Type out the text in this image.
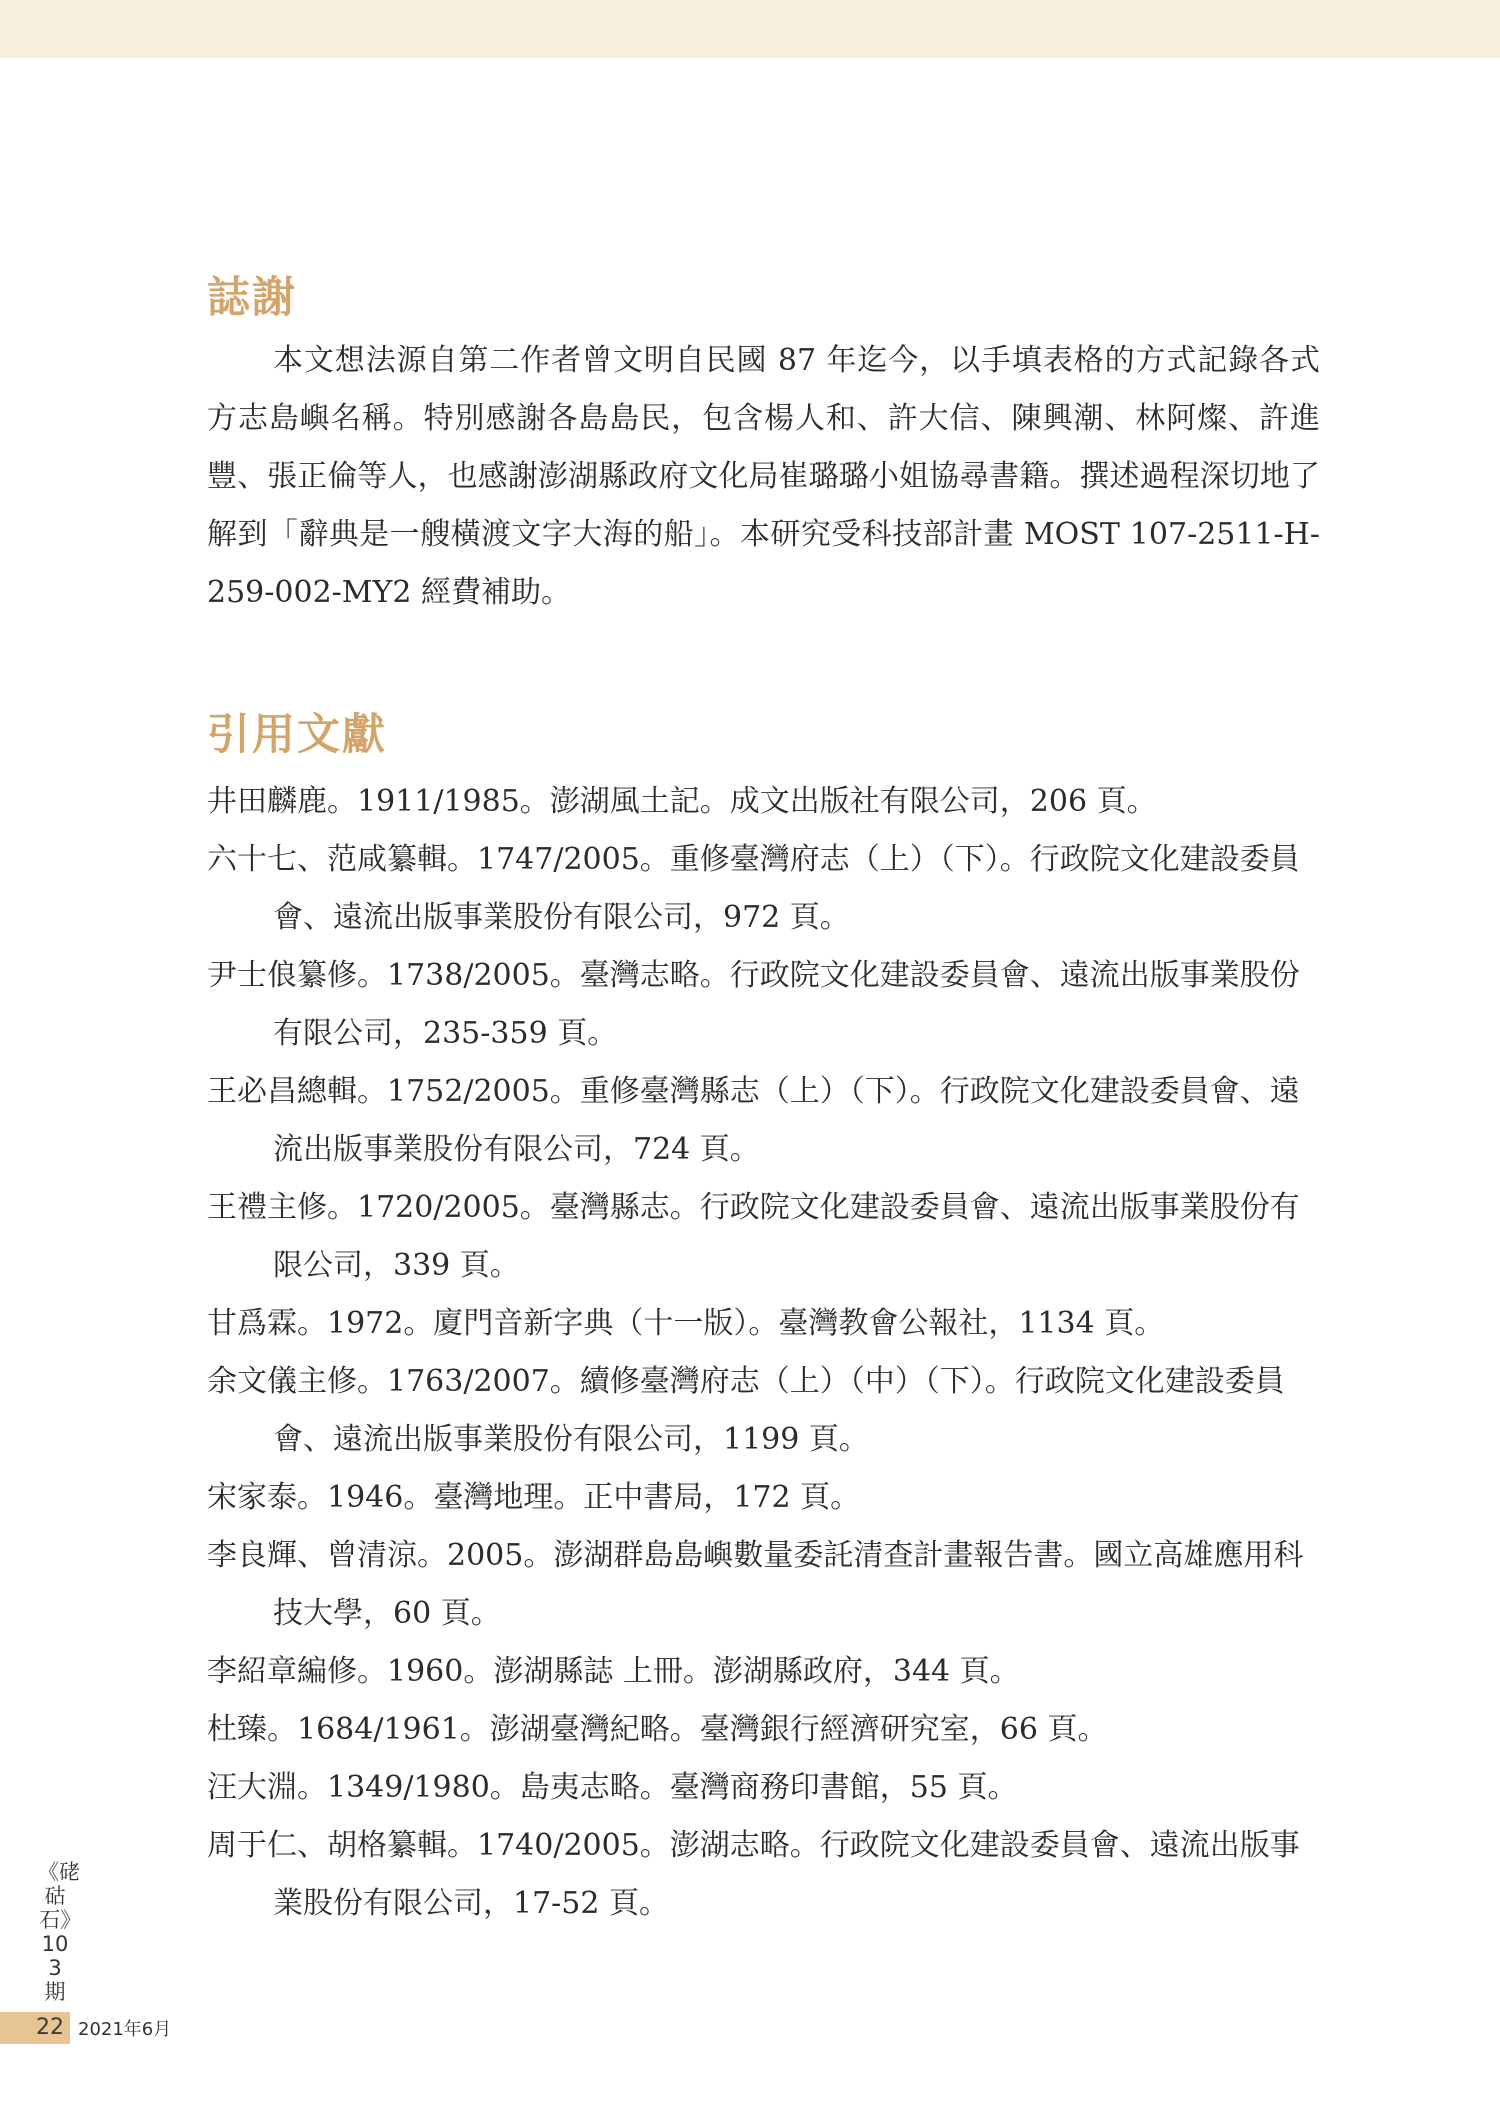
誌謝

本文想法源自第二作者曾文明自民國 87 年迄今，以手填表格的方式記錄各式方志島嶼名稱。特別感謝各島島民，包含楊人和、許大信、陳興潮、林阿燦、許進豐、張正倫等人，也感謝澎湖縣政府文化局崔璐璐小姐協尋書籍。撰述過程深切地了解到「辭典是一艘橫渡文字大海的船」。本研究受科技部計畫 MOST 107-2511-H-259-002-MY2 經費補助。

引用文獻
井田麟鹿。1911/1985。澎湖風土記。成文出版社有限公司，206 頁。
六十七、范咸纂輯。1747/2005。重修臺灣府志（上）（下）。行政院文化建設委員會、遠流出版事業股份有限公司，972 頁。
尹士俍纂修。1738/2005。臺灣志略。行政院文化建設委員會、遠流出版事業股份有限公司，235-359 頁。
王必昌總輯。1752/2005。重修臺灣縣志（上）（下）。行政院文化建設委員會、遠流出版事業股份有限公司，724 頁。
王禮主修。1720/2005。臺灣縣志。行政院文化建設委員會、遠流出版事業股份有限公司，339 頁。
甘爲霖。1972。廈門音新字典（十一版）。臺灣教會公報社，1134 頁。
余文儀主修。1763/2007。續修臺灣府志（上）（中）（下）。行政院文化建設委員會、遠流出版事業股份有限公司，1199 頁。
宋家泰。1946。臺灣地理。正中書局，172 頁。
李良輝、曾清涼。2005。澎湖群島島嶼數量委託清查計畫報告書。國立高雄應用科技大學，60 頁。
李紹章編修。1960。澎湖縣誌 上冊。澎湖縣政府，344 頁。
杜臻。1684/1961。澎湖臺灣紀略。臺灣銀行經濟研究室，66 頁。
汪大淵。1349/1980。島夷志略。臺灣商務印書館，55 頁。
周于仁、胡格纂輯。1740/2005。澎湖志略。行政院文化建設委員會、遠流出版事業股份有限公司，17-52 頁。
《硓𥑮石》103期
22 2021年6月
